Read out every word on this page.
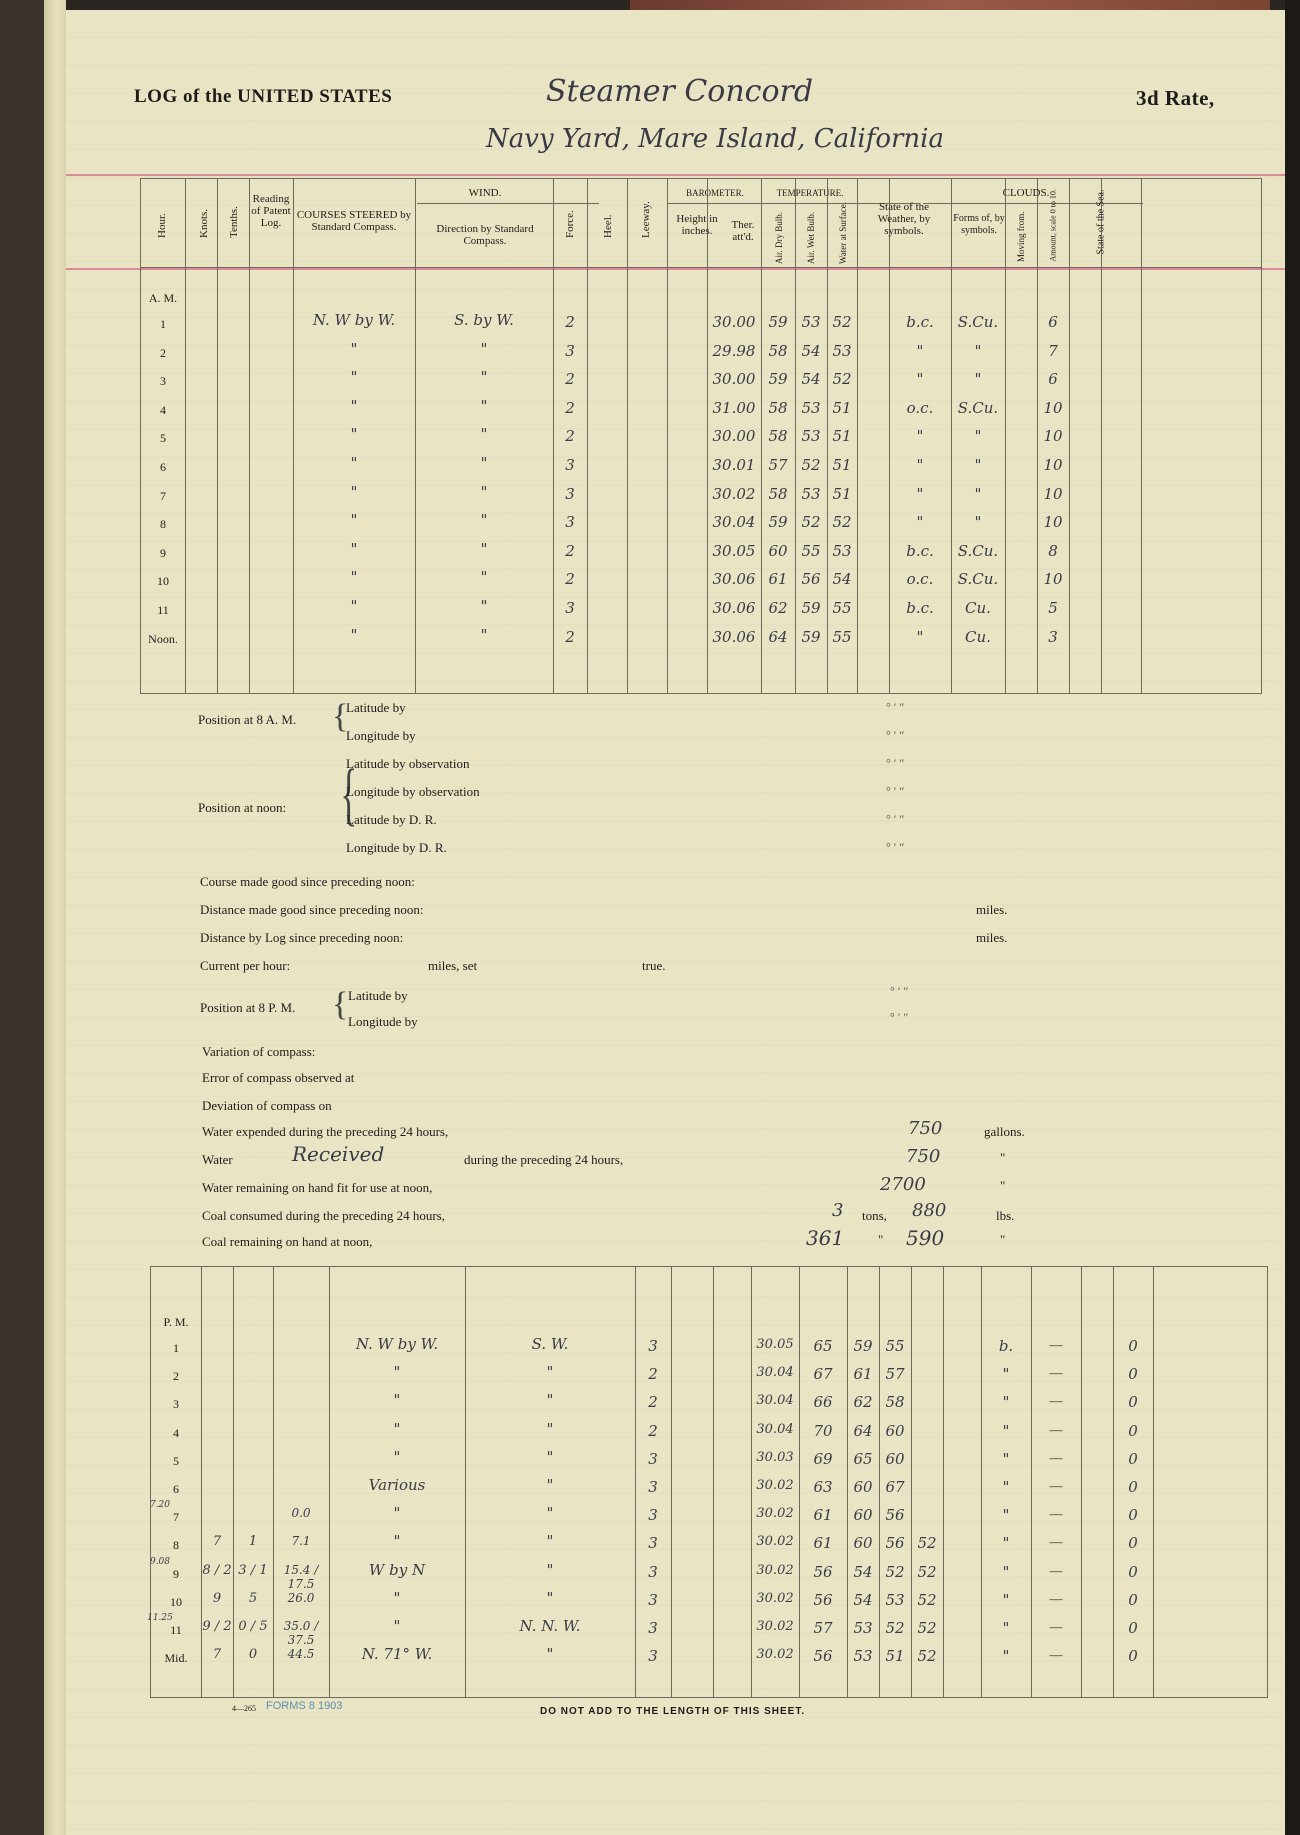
LOG of the UNITED STATES	Steamer Concord	3d Rate,
Navy Yard, Mare Island, California
Hour.	Knots. Tenths.
Reading of Patent Log.
COURSES STEERED by Standard Compass.
WIND.
Direction by Standard Compass.
Force. Heel. Leeway.
BAROMETER.
Height in inches.	Ther. att'd.
TEMPERATURE.
Air. Dry Bulb. Air. Wet Bulb. Water at Surface.	State of the Weather, by symbols.
CLOUDS.
Forms of, by symbols.	Moving from.	Amount, scale 0 to 10.	State of the Sea.
A. M.
1	N. W by W.	S. by W.	2	30.00 59 53 52	b.c.	S.Cu.	6
2	"	"	3	29.98 58 54 53	"	"	7
3	"	"	2	30.00 59 54 52	"	"	6
4	"	"	2	31.00 58 53 51	o.c.	S.Cu.	10
5	"	"	2	30.00 58 53 51	"	"	10
6	"	"	3	30.01 57 52 51	"	"	10
7	"	"	3	30.02 58 53 51	"	"	10
8	"	"	3	30.04 59 52 52	"	"	10
9	"	"	2	30.05 60 55 53	b.c.	S.Cu.	8
10	"	"	2	30.06 61 56 54	o.c.	S.Cu.	10
11	"	"	3	30.06 62 59 55	b.c.	Cu.	5
Noon.	"	"	2	30.06 64 59 55	"	Cu.	3
Position at 8 A. M. {
Latitude by
Longitude by
° ′ ″
° ′ ″
Position at noon: {
Latitude by observation
Longitude by observation
Latitude by D. R.
Longitude by D. R.
° ′ ″
° ′ ″
° ′ ″
° ′ ″
Course made good since preceding noon:
Distance made good since preceding noon:	miles.
Distance by Log since preceding noon:	miles.
Current per hour:	miles, set	true.
Position at 8 P. M. { Latitude by
Longitude by
° ′ ″
° ′ ″
Variation of compass:
Error of compass observed at
Deviation of compass on
Water expended during the preceding 24 hours,	750	gallons.
Water	Received	during the preceding 24 hours,	750	"
Water remaining on hand fit for use at noon,	2700	"
Coal consumed during the preceding 24 hours,	3 tons, 880	lbs.
Coal remaining on hand at noon,	361	" 590	"
P. M.
1	N. W by W.	S. W.	3	30.05	65	59 55	b.	—	0
2	"	"	2	30.04	67	61 57	"	—	0
3	"	"	2	30.04	66	62 58	"	—	0
4	"	"	2	30.04	70	64 60	"	—	0
5	"	"	3	30.03	69	65 60	"	—	0
6	Various	"	3	30.02	63	60 67	"	—	0
7
7.20
0.0	"	"	3	30.02	61	60 56	"	—	0
8	7	1	7.1	"	"	3	30.02	61	60 56 52	"	—	0
9
9.08
8 / 2 3 / 1	15.4 / 17.5
W by N	"	3	30.02	56	54 52 52	"	—	0
10	9	5	26.0	"	"	3	30.02	56	54 53 52	"	—	0
11
11.25
9 / 2 0 / 5	35.0 / 37.5
"	N. N. W.	3	30.02	57	53 52 52	"	—	0
Mid.	7	0	44.5	N. 71° W.	"	3	30.02	56	53 51 52	"	—	0
FORMS 8 1903
4—265	DO NOT ADD TO THE LENGTH OF THIS SHEET.
